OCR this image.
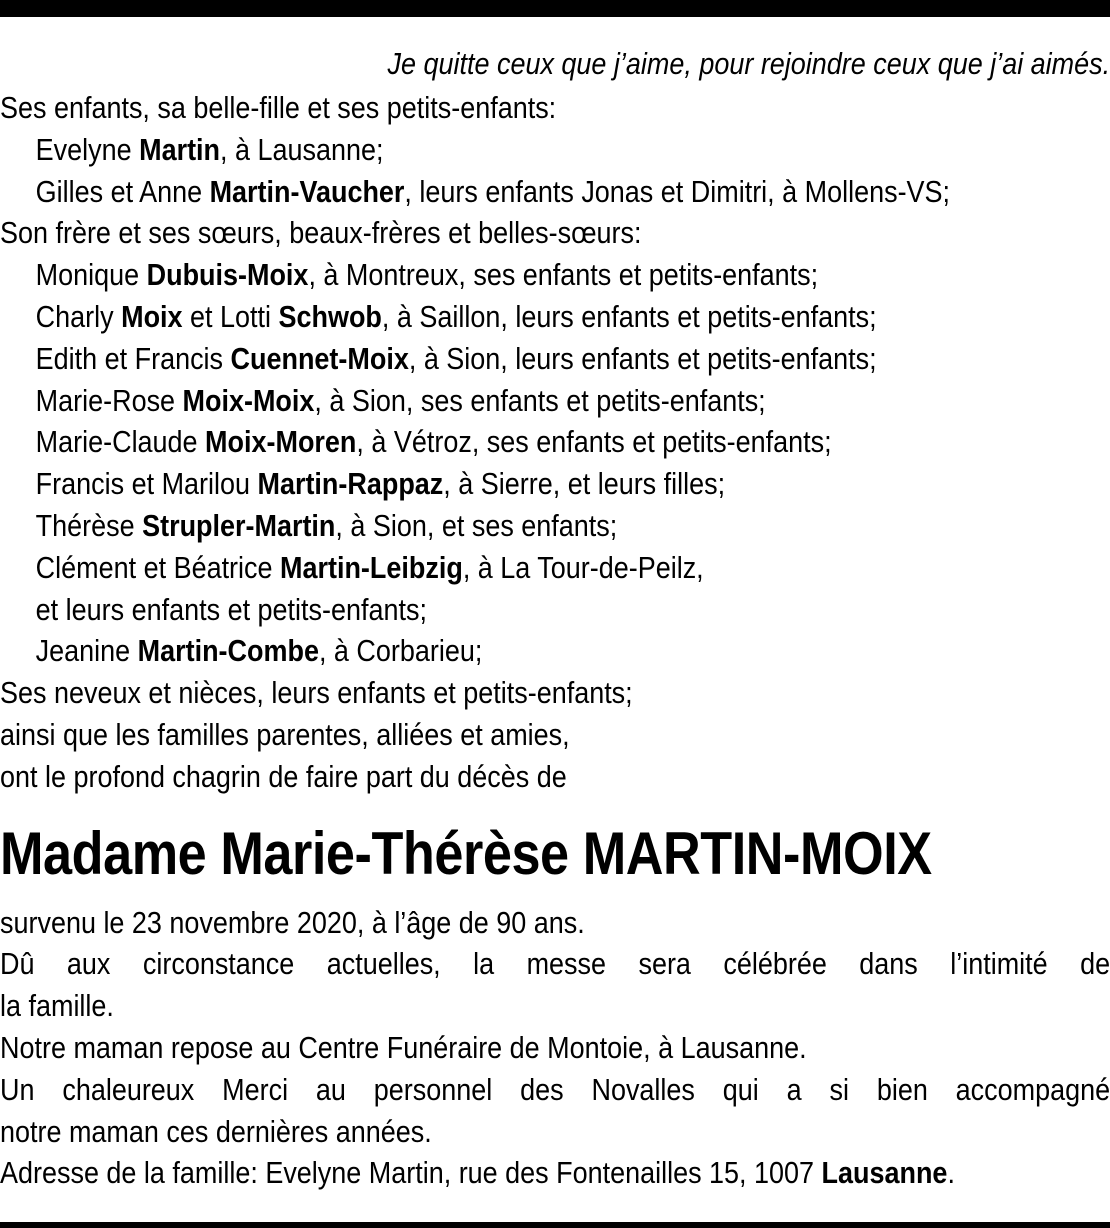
Je quitte ceux que j’aime, pour rejoindre ceux que j’ai aimés.
Ses enfants, sa belle-fille et ses petits-enfants:
Evelyne Martin, à Lausanne;
Gilles et Anne Martin-Vaucher, leurs enfants Jonas et Dimitri, à Mollens-VS;
Son frère et ses sœurs, beaux-frères et belles-sœurs:
Monique Dubuis-Moix, à Montreux, ses enfants et petits-enfants;
Charly Moix et Lotti Schwob, à Saillon, leurs enfants et petits-enfants;
Edith et Francis Cuennet-Moix, à Sion, leurs enfants et petits-enfants;
Marie-Rose Moix-Moix, à Sion, ses enfants et petits-enfants;
Marie-Claude Moix-Moren, à Vétroz, ses enfants et petits-enfants;
Francis et Marilou Martin-Rappaz, à Sierre, et leurs filles;
Thérèse Strupler-Martin, à Sion, et ses enfants;
Clément et Béatrice Martin-Leibzig, à La Tour-de-Peilz,
et leurs enfants et petits-enfants;
Jeanine Martin-Combe, à Corbarieu;
Ses neveux et nièces, leurs enfants et petits-enfants;
ainsi que les familles parentes, alliées et amies,
ont le profond chagrin de faire part du décès de
Madame Marie-Thérèse MARTIN-MOIX
survenu le 23 novembre 2020, à l’âge de 90 ans.
Dû aux circonstance actuelles, la messe sera célébrée dans l’intimité de
la famille.
Notre maman repose au Centre Funéraire de Montoie, à Lausanne.
Un chaleureux Merci au personnel des Novalles qui a si bien accompagné
notre maman ces dernières années.
Adresse de la famille: Evelyne Martin, rue des Fontenailles 15, 1007 Lausanne.
